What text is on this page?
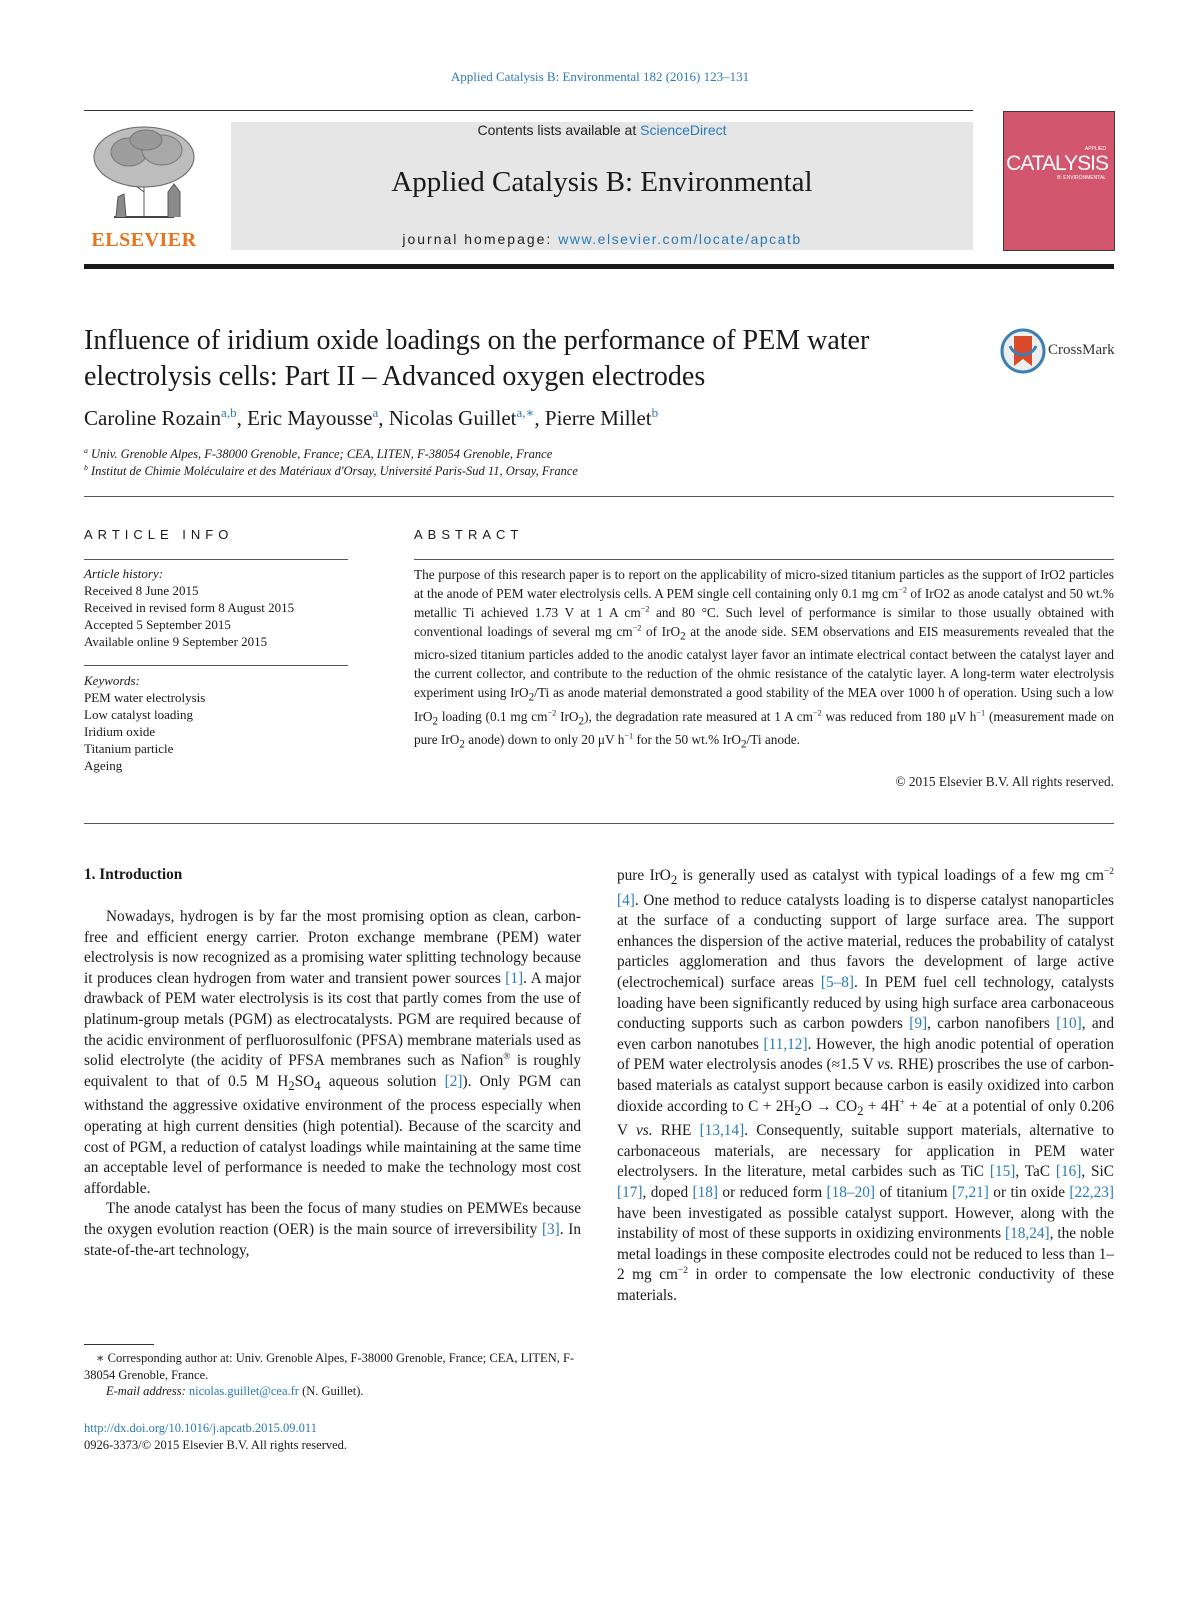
Applied Catalysis B: Environmental 182 (2016) 123–131
ELSEVIER
Contents lists available at ScienceDirect
Applied Catalysis B: Environmental
journal homepage: www.elsevier.com/locate/apcatb
APPLIED
CATALYSIS
B: ENVIRONMENTAL
Influence of iridium oxide loadings on the performance of PEM water electrolysis cells: Part II – Advanced oxygen electrodes
CrossMark
Caroline Rozain$^{a,b}$, Eric Mayousse$^a$, Nicolas Guillet$^{a,∗}$, Pierre Millet$^b$
$^a$ Univ. Grenoble Alpes, F-38000 Grenoble, France; CEA, LITEN, F-38054 Grenoble, France
$^b$ Institut de Chimie Moléculaire et des Matériaux d'Orsay, Université Paris-Sud 11, Orsay, France
ARTICLE INFO	ABSTRACT
Article history:
Received 8 June 2015
Received in revised form 8 August 2015
Accepted 5 September 2015
Available online 9 September 2015
Keywords:
PEM water electrolysis
Low catalyst loading
Iridium oxide
Titanium particle
Ageing
The purpose of this research paper is to report on the applicability of micro-sized titanium particles as the support of IrO2 particles at the anode of PEM water electrolysis cells. A PEM single cell containing only 0.1 mg $cm^{-2}$ of IrO2 as anode catalyst and 50 wt.% metallic Ti achieved 1.73 V at 1 A $cm^{-2}$ and 80 °C. Such level of performance is similar to those usually obtained with conventional loadings of several mg $cm^{-2}$ of IrO$_2$ at the anode side. SEM observations and EIS measurements revealed that the micro-sized titanium particles added to the anodic catalyst layer favor an intimate electrical contact between the catalyst layer and the current collector, and contribute to the reduction of the ohmic resistance of the catalytic layer. A long-term water electrolysis experiment using IrO$_2$/Ti as anode material demonstrated a good stability of the MEA over 1000 h of operation. Using such a low IrO$_2$ loading (0.1 mg $cm^{-2}$ IrO$_2$), the degradation rate measured at 1 A $cm^{-2}$ was reduced from 180 μV $h^{-1}$ (measurement made on pure IrO$_2$ anode) down to only 20 μV $h^{-1}$ for the 50 wt.% IrO$_2$/Ti anode.
© 2015 Elsevier B.V. All rights reserved.
1. Introduction

Nowadays, hydrogen is by far the most promising option as clean, carbon-free and efficient energy carrier. Proton exchange membrane (PEM) water electrolysis is now recognized as a promising water splitting technology because it produces clean hydrogen from water and transient power sources [1]. A major drawback of PEM water electrolysis is its cost that partly comes from the use of platinum-group metals (PGM) as electrocatalysts. PGM are required because of the acidic environment of perfluorosulfonic (PFSA) membrane materials used as solid electrolyte (the acidity of PFSA membranes such as Nafion® is roughly equivalent to that of 0.5 M $H_2SO_4$ aqueous solution [2]). Only PGM can withstand the aggressive oxidative environment of the process especially when operating at high current densities (high potential). Because of the scarcity and cost of PGM, a reduction of catalyst loadings while maintaining at the same time an acceptable level of performance is needed to make the technology most cost affordable.

The anode catalyst has been the focus of many studies on PEMWEs because the oxygen evolution reaction (OER) is the main source of irreversibility [3]. In state-of-the-art technology,

pure IrO$_2$ is generally used as catalyst with typical loadings of a few mg $cm^{-2}$ [4]. One method to reduce catalysts loading is to disperse catalyst nanoparticles at the surface of a conducting support of large surface area. The support enhances the dispersion of the active material, reduces the probability of catalyst particles agglomeration and thus favors the development of large active (electrochemical) surface areas [5–8]. In PEM fuel cell technology, catalysts loading have been significantly reduced by using high surface area carbonaceous conducting supports such as carbon powders [9], carbon nanofibers [10], and even carbon nanotubes [11,12]. However, the high anodic potential of operation of PEM water electrolysis anodes (≈1.5 V vs. RHE) proscribes the use of carbon-based materials as catalyst support because carbon is easily oxidized into carbon dioxide according to $C + 2H_2O \to CO_2 + 4H^+ + 4e^-$ at a potential of only 0.206 V vs. RHE [13,14]. Consequently, suitable support materials, alternative to carbonaceous materials, are necessary for application in PEM water electrolysers. In the literature, metal carbides such as TiC [15], TaC [16], SiC [17], doped [18] or reduced form [18–20] of titanium [7,21] or tin oxide [22,23] have been investigated as possible catalyst support. However, along with the instability of most of these supports in oxidizing environments [18,24], the noble metal loadings in these composite electrodes could not be reduced to less than 1–2 mg $cm^{-2}$ in order to compensate the low electronic conductivity of these materials.

∗ Corresponding author at: Univ. Grenoble Alpes, F-38000 Grenoble, France; CEA, LITEN, F-38054 Grenoble, France.
E-mail address: nicolas.guillet@cea.fr (N. Guillet).
http://dx.doi.org/10.1016/j.apcatb.2015.09.011
0926-3373/© 2015 Elsevier B.V. All rights reserved.
